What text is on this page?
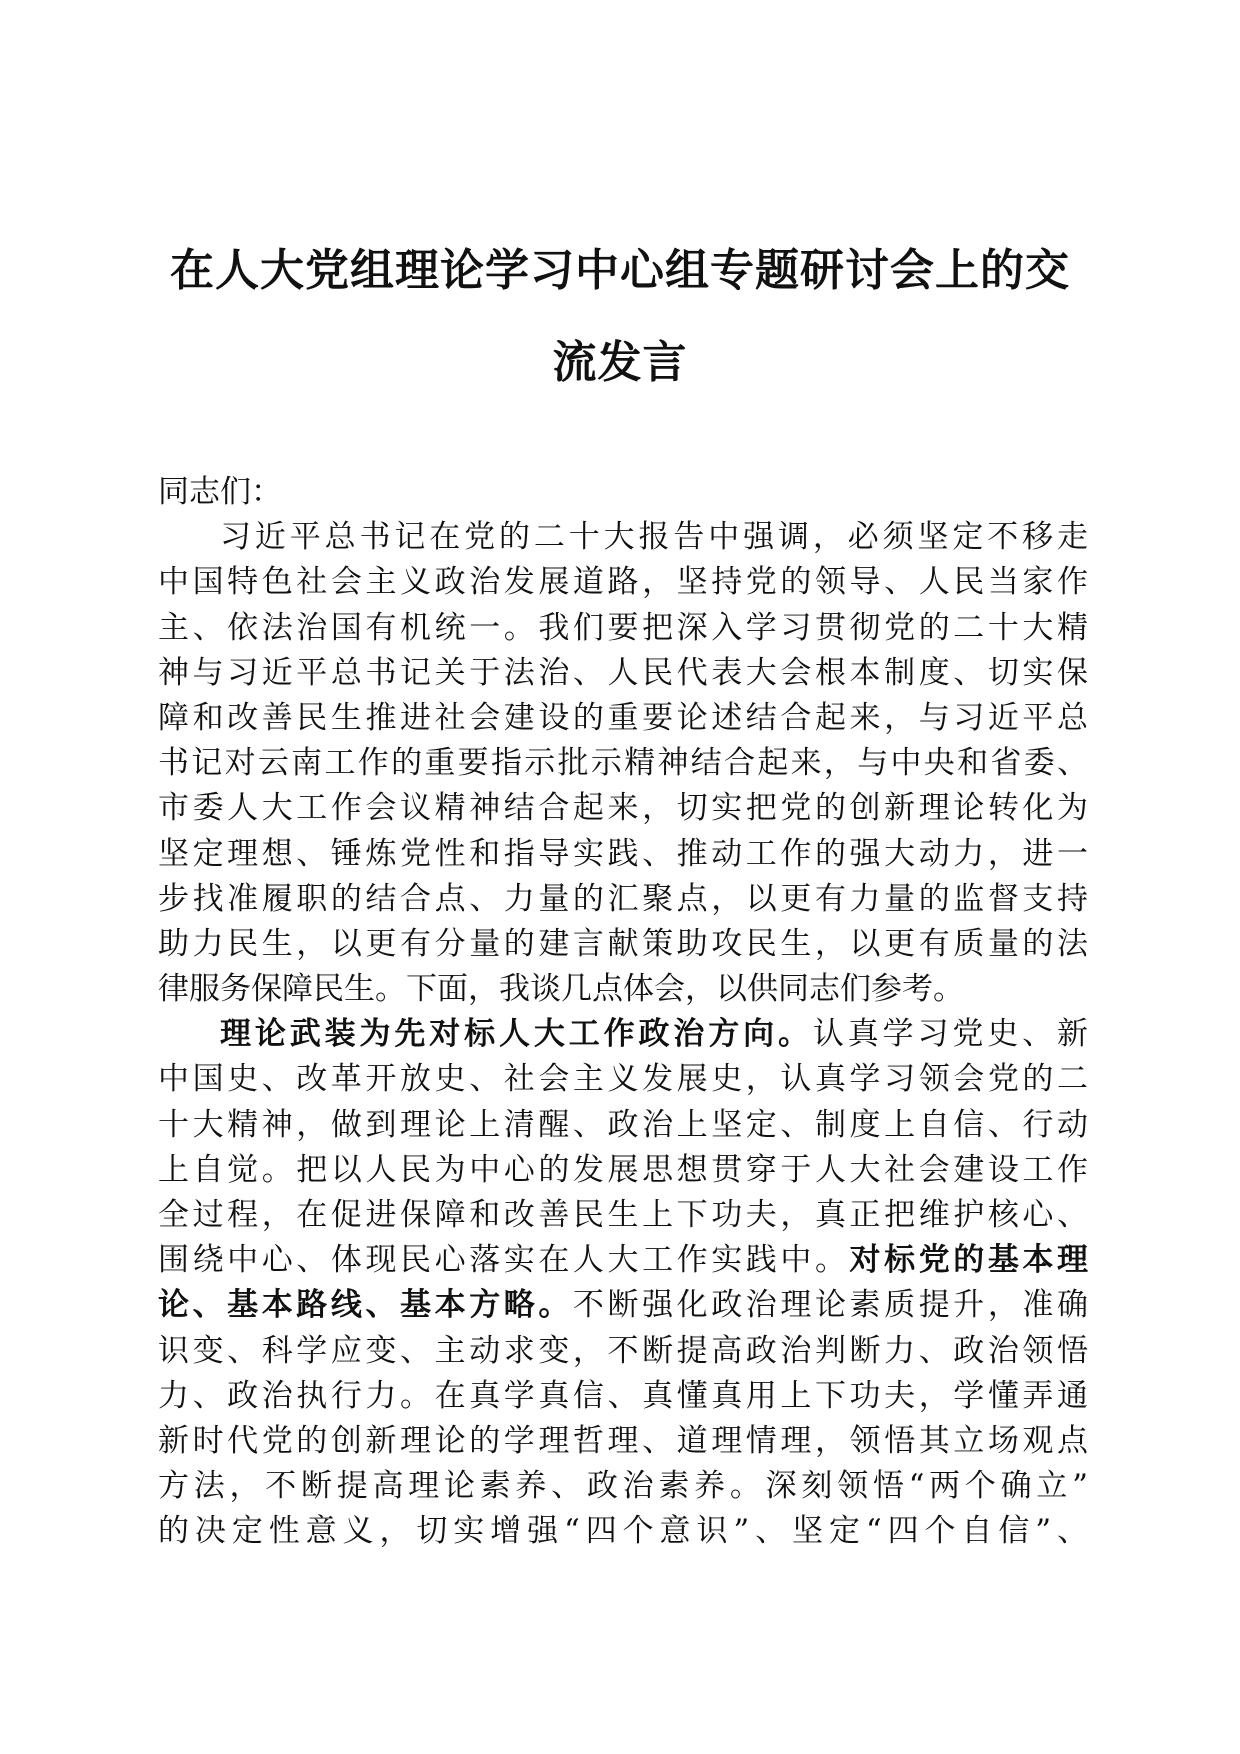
在人大党组理论学习中心组专题研讨会上的交
流发言
同志们：
习近平总书记在党的二十大报告中强调，必须坚定不移走
中国特色社会主义政治发展道路，坚持党的领导、人民当家作
主、依法治国有机统一。我们要把深入学习贯彻党的二十大精
神与习近平总书记关于法治、人民代表大会根本制度、切实保
障和改善民生推进社会建设的重要论述结合起来，与习近平总
书记对云南工作的重要指示批示精神结合起来，与中央和省委、
市委人大工作会议精神结合起来，切实把党的创新理论转化为
坚定理想、锤炼党性和指导实践、推动工作的强大动力，进一
步找准履职的结合点、力量的汇聚点，以更有力量的监督支持
助力民生，以更有分量的建言献策助攻民生，以更有质量的法
律服务保障民生。下面，我谈几点体会，以供同志们参考。
理论武装为先对标人大工作政治方向。认真学习党史、新
中国史、改革开放史、社会主义发展史，认真学习领会党的二
十大精神，做到理论上清醒、政治上坚定、制度上自信、行动
上自觉。把以人民为中心的发展思想贯穿于人大社会建设工作
全过程，在促进保障和改善民生上下功夫，真正把维护核心、
围绕中心、体现民心落实在人大工作实践中。对标党的基本理
论、基本路线、基本方略。不断强化政治理论素质提升，准确
识变、科学应变、主动求变，不断提高政治判断力、政治领悟
力、政治执行力。在真学真信、真懂真用上下功夫，学懂弄通
新时代党的创新理论的学理哲理、道理情理，领悟其立场观点
方法，不断提高理论素养、政治素养。深刻领悟“两个确立”
的决定性意义，切实增强“四个意识”、坚定“四个自信”、
